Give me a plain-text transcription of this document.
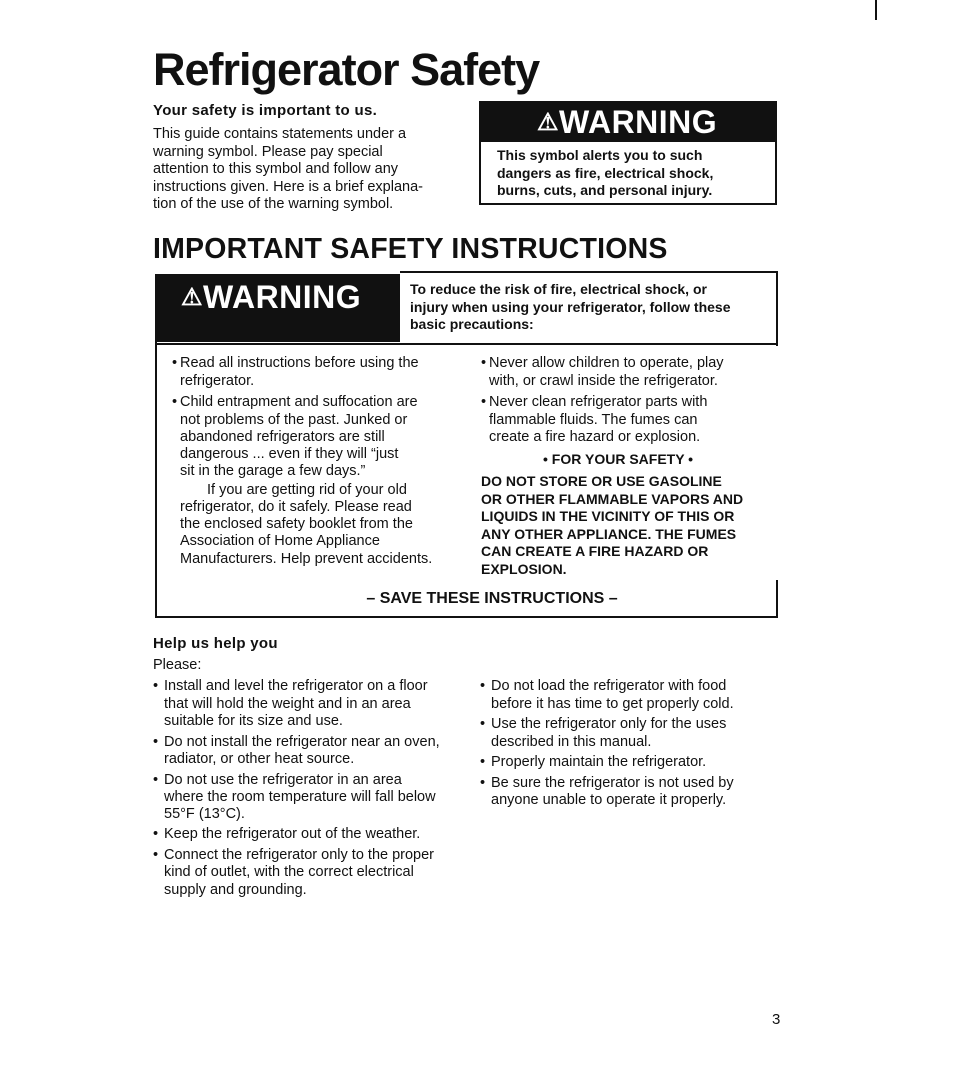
Refrigerator Safety
Your safety is important to us.
This guide contains statements under a
warning symbol. Please pay special
attention to this symbol and follow any
instructions given. Here is a brief explana-
tion of the use of the warning symbol.
⚠WARNING
This symbol alerts you to such
dangers as fire, electrical shock,
burns, cuts, and personal injury.
IMPORTANT SAFETY INSTRUCTIONS
⚠WARNING	To reduce the risk of fire, electrical shock, or
injury when using your refrigerator, follow these
basic precautions:

• Read all instructions before using the

refrigerator.

• Child entrapment and suffocation are

not problems of the past. Junked or

abandoned refrigerators are still

dangerous ... even if they will “just

sit in the garage a few days.”

If you are getting rid of your old

refrigerator, do it safely. Please read

the enclosed safety booklet from the

Association of Home Appliance

Manufacturers. Help prevent accidents.

• Never allow children to operate, play

with, or crawl inside the refrigerator.

• Never clean refrigerator parts with

flammable fluids. The fumes can

create a fire hazard or explosion.

• FOR YOUR SAFETY •

DO NOT STORE OR USE GASOLINE

OR OTHER FLAMMABLE VAPORS AND

LIQUIDS IN THE VICINITY OF THIS OR

ANY OTHER APPLIANCE. THE FUMES

CAN CREATE A FIRE HAZARD OR

EXPLOSION.

– SAVE THESE INSTRUCTIONS –
Help us help you
Please:

• Install and level the refrigerator on a floor

that will hold the weight and in an area

suitable for its size and use.

• Do not install the refrigerator near an oven,

radiator, or other heat source.

• Do not use the refrigerator in an area

where the room temperature will fall below

55°F (13°C).

• Keep the refrigerator out of the weather.

• Connect the refrigerator only to the proper

kind of outlet, with the correct electrical

supply and grounding.

• Do not load the refrigerator with food

before it has time to get properly cold.

• Use the refrigerator only for the uses

described in this manual.

• Properly maintain the refrigerator.

• Be sure the refrigerator is not used by

anyone unable to operate it properly.

3
